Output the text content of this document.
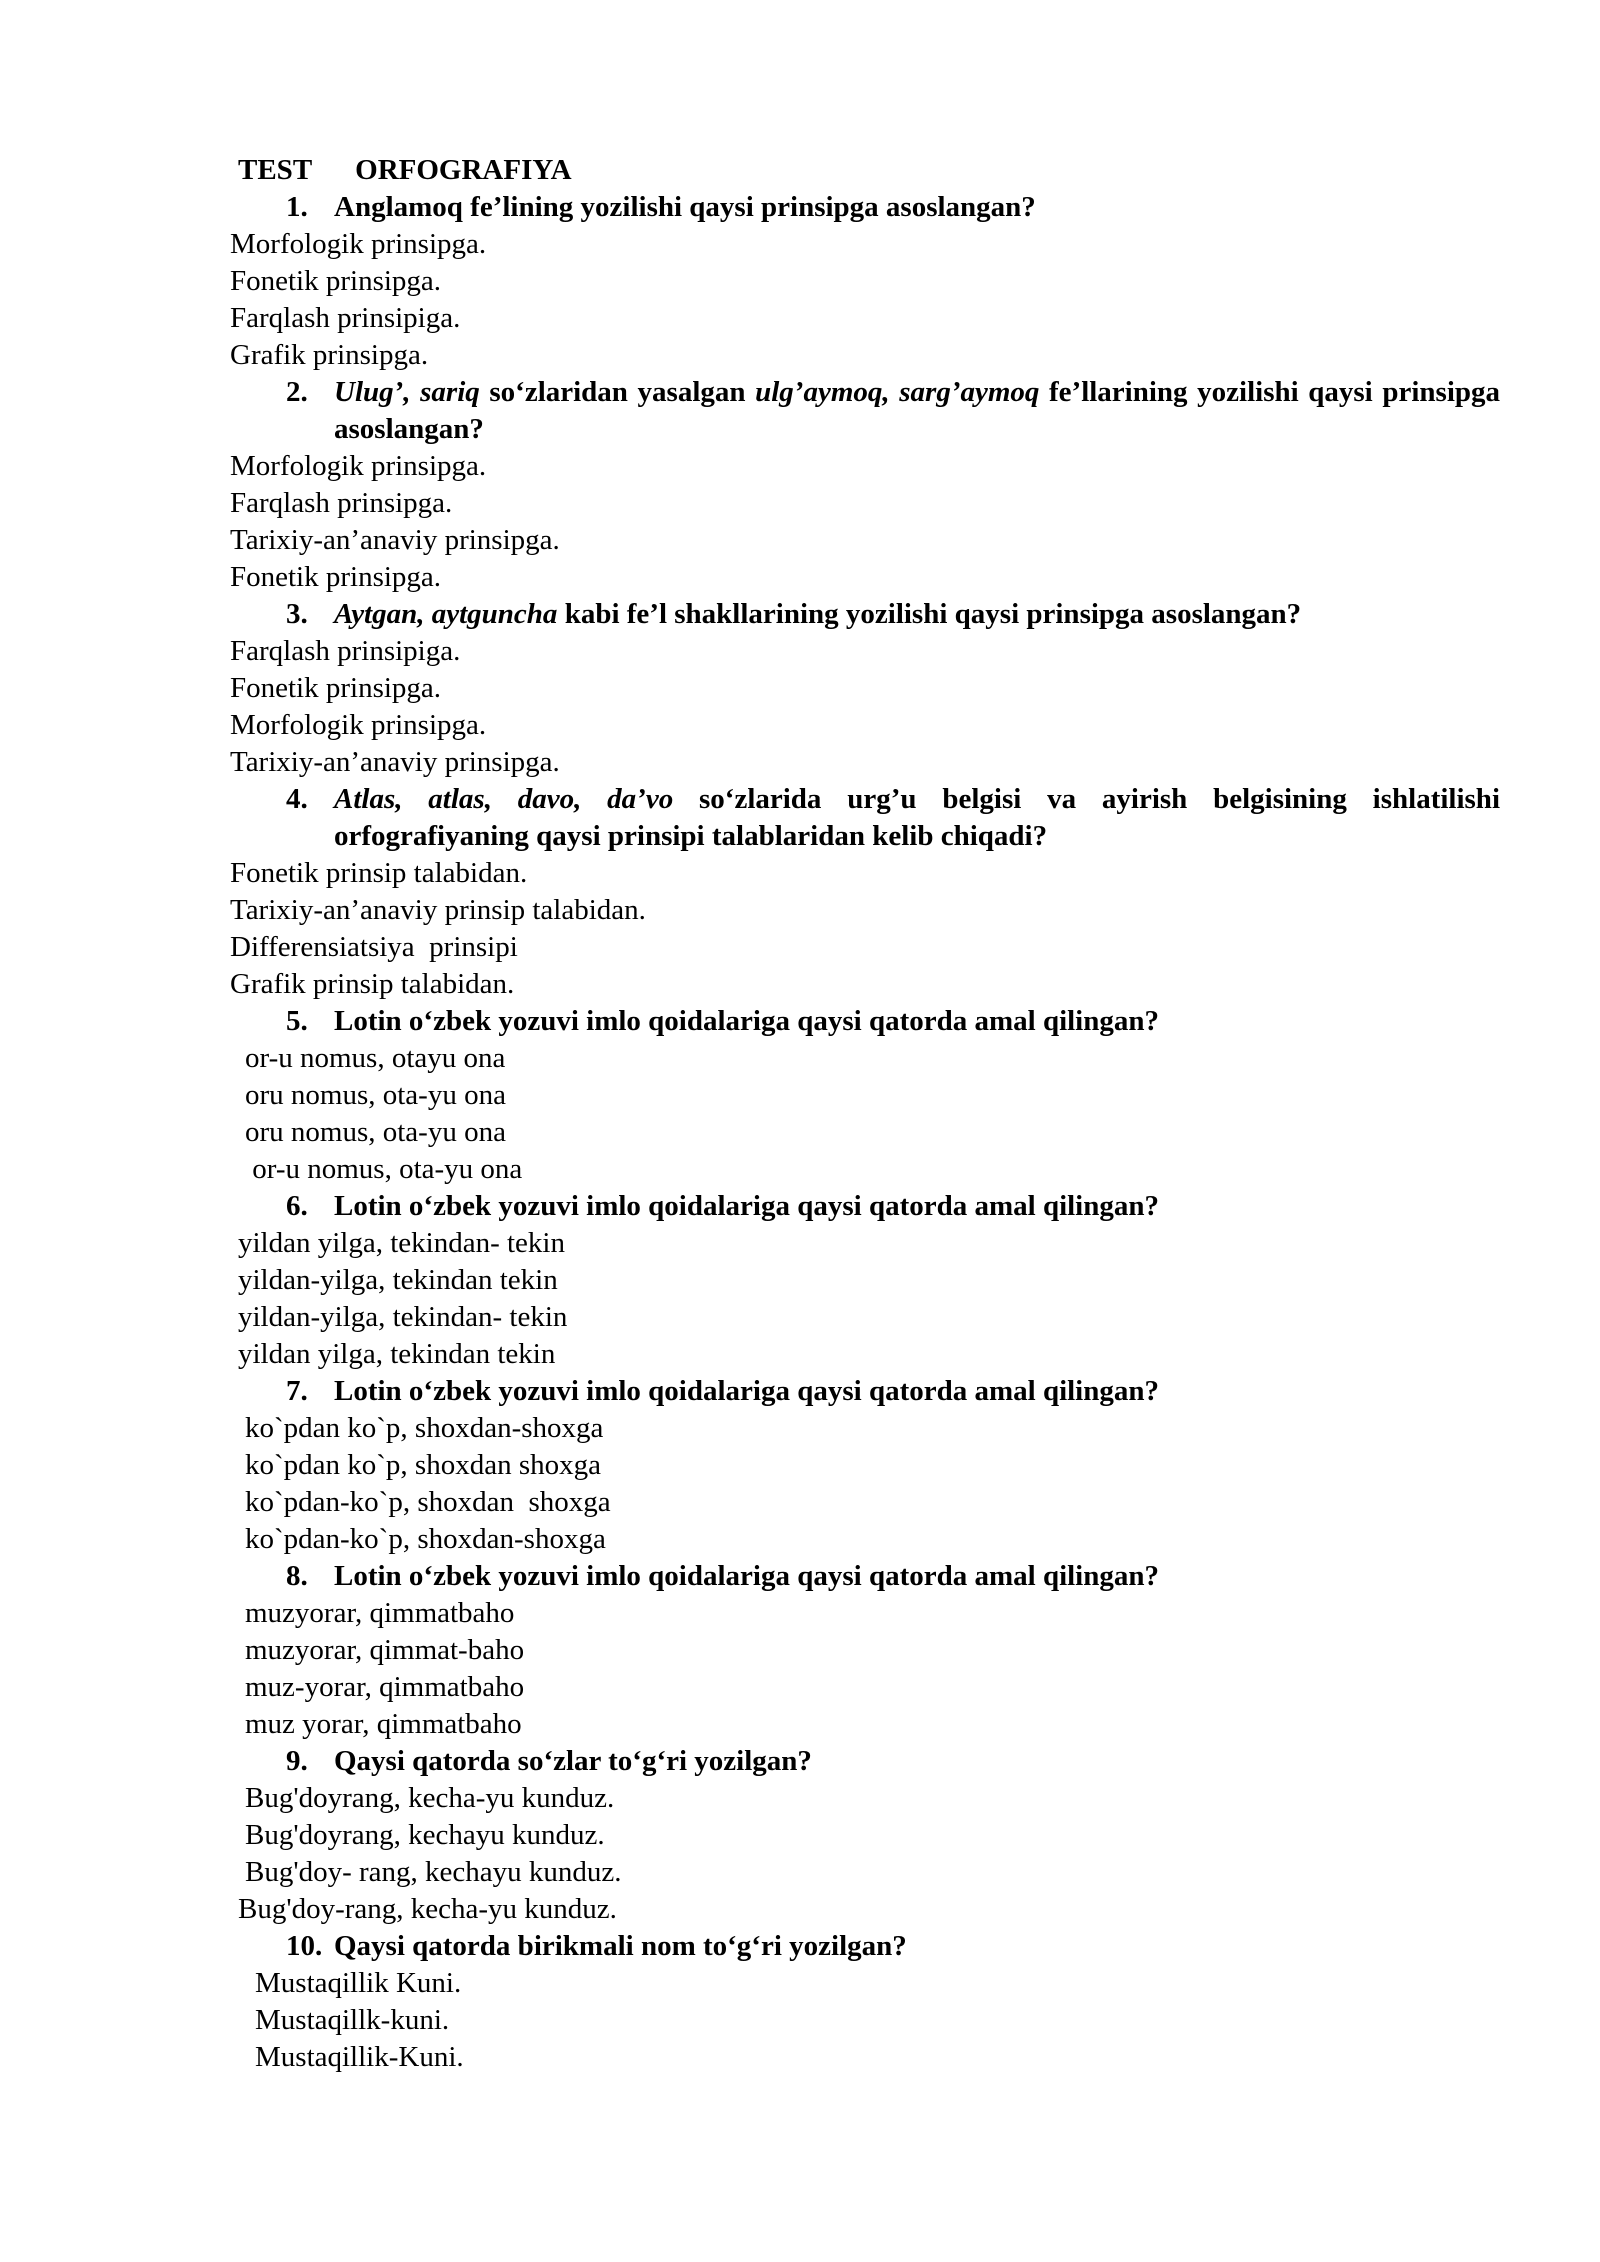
TEST ORFOGRAFIYA
1. Anglamoq fe’lining yozilishi qaysi prinsipga asoslangan?
Morfologik prinsipga.
Fonetik prinsipga.
Farqlash prinsipiga.
Grafik prinsipga.
2. Ulug’, sariq so‘zlaridan yasalgan ulg’aymoq, sarg’aymoq fe’llarining yozilishi qaysi prinsipga asoslangan?
Morfologik prinsipga.
Farqlash prinsipga.
Tarixiy-an’anaviy prinsipga.
Fonetik prinsipga.
3. Aytgan, aytguncha kabi fe’l shakllarining yozilishi qaysi prinsipga asoslangan?
Farqlash prinsipiga.
Fonetik prinsipga.
Morfologik prinsipga.
Tarixiy-an’anaviy prinsipga.
4. Atlas, atlas, davo, da’vo so‘zlarida urg’u belgisi va ayirish belgisining ishlatilishi orfografiyaning qaysi prinsipi talablaridan kelib chiqadi?
Fonetik prinsip talabidan.
Tarixiy-an’anaviy prinsip talabidan.
Differensiatsiya  prinsipi
Grafik prinsip talabidan.
5. Lotin o‘zbek yozuvi imlo qoidalariga qaysi qatorda amal qilingan?
or-u nomus, otayu ona
oru nomus, ota-yu ona
oru nomus, ota-yu ona
or-u nomus, ota-yu ona
6. Lotin o‘zbek yozuvi imlo qoidalariga qaysi qatorda amal qilingan?
yildan yilga, tekindan- tekin
yildan-yilga, tekindan tekin
yildan-yilga, tekindan- tekin
yildan yilga, tekindan tekin
7. Lotin o‘zbek yozuvi imlo qoidalariga qaysi qatorda amal qilingan?
ko`pdan ko`p, shoxdan-shoxga
ko`pdan ko`p, shoxdan shoxga
ko`pdan-ko`p, shoxdan  shoxga
ko`pdan-ko`p, shoxdan-shoxga
8. Lotin o‘zbek yozuvi imlo qoidalariga qaysi qatorda amal qilingan?
muzyorar, qimmatbaho
muzyorar, qimmat-baho
muz-yorar, qimmatbaho
muz yorar, qimmatbaho
9. Qaysi qatorda so‘zlar to‘g‘ri yozilgan?
Bug'doyrang, kecha-yu kunduz.
Bug'doyrang, kechayu kunduz.
Bug'doy- rang, kechayu kunduz.
Bug'doy-rang, kecha-yu kunduz.
10. Qaysi qatorda birikmali nom to‘g‘ri yozilgan?
Mustaqillik Kuni.
Mustaqillk-kuni.
Mustaqillik-Kuni.
